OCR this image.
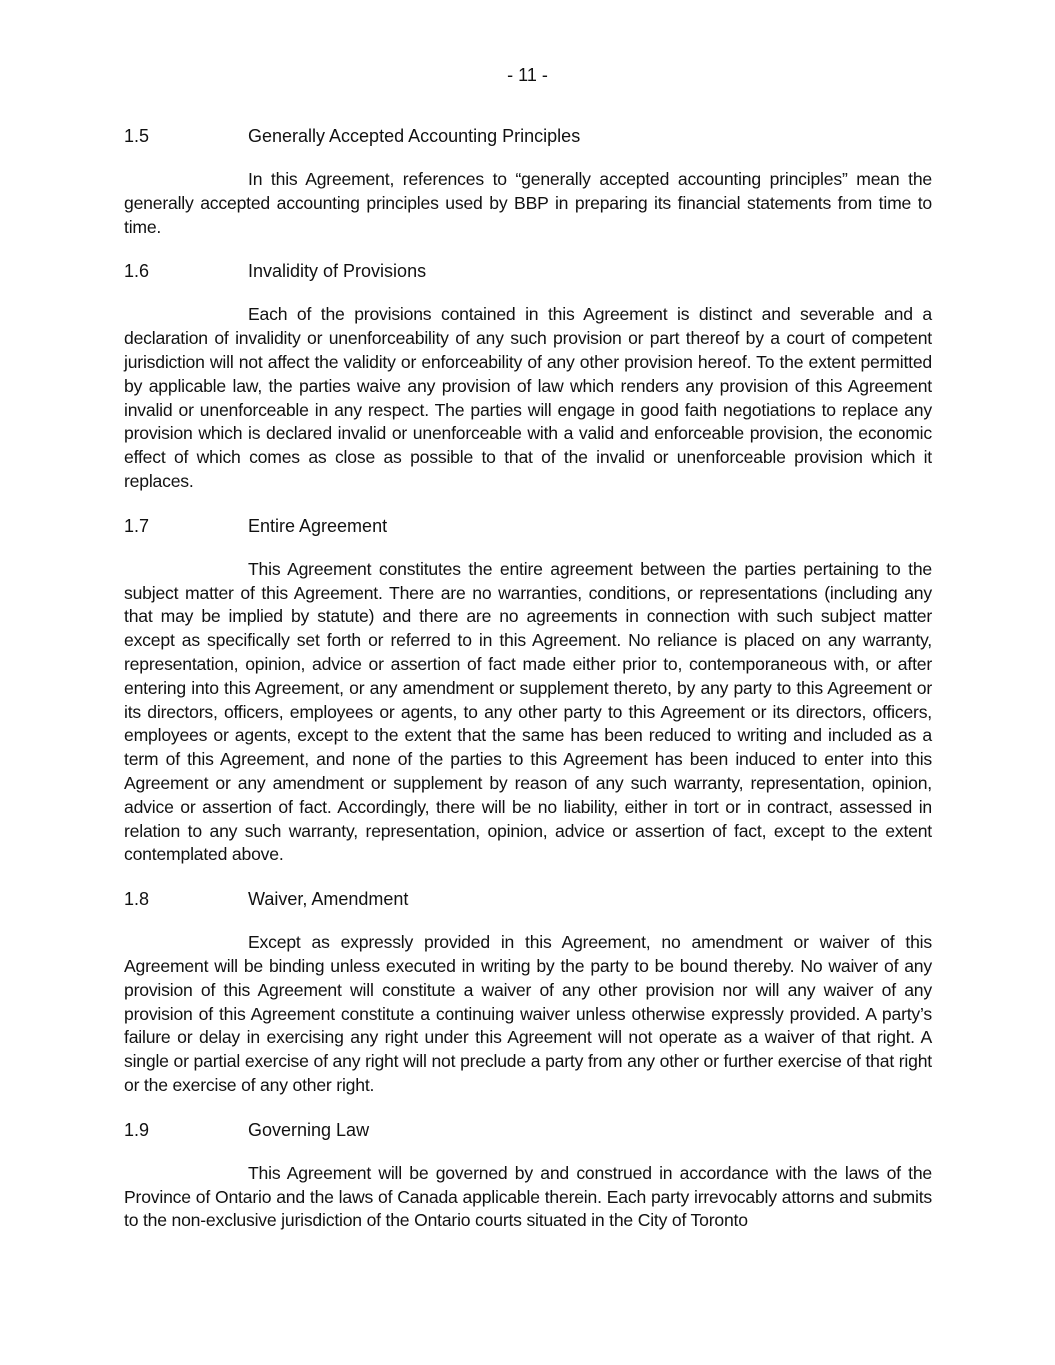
- 11 -
1.5	Generally Accepted Accounting Principles

In this Agreement, references to “generally accepted accounting principles” mean the generally accepted accounting principles used by BBP in preparing its financial statements from time to time.

1.6	Invalidity of Provisions

Each of the provisions contained in this Agreement is distinct and severable and a declaration of invalidity or unenforceability of any such provision or part thereof by a court of competent jurisdiction will not affect the validity or enforceability of any other provision hereof. To the extent permitted by applicable law, the parties waive any provision of law which renders any provision of this Agreement invalid or unenforceable in any respect. The parties will engage in good faith negotiations to replace any provision which is declared invalid or unenforceable with a valid and enforceable provision, the economic effect of which comes as close as possible to that of the invalid or unenforceable provision which it replaces.

1.7	Entire Agreement

This Agreement constitutes the entire agreement between the parties pertaining to the subject matter of this Agreement. There are no warranties, conditions, or representations (including any that may be implied by statute) and there are no agreements in connection with such subject matter except as specifically set forth or referred to in this Agreement. No reliance is placed on any warranty, representation, opinion, advice or assertion of fact made either prior to, contemporaneous with, or after entering into this Agreement, or any amendment or supplement thereto, by any party to this Agreement or its directors, officers, employees or agents, to any other party to this Agreement or its directors, officers, employees or agents, except to the extent that the same has been reduced to writing and included as a term of this Agreement, and none of the parties to this Agreement has been induced to enter into this Agreement or any amendment or supplement by reason of any such warranty, representation, opinion, advice or assertion of fact. Accordingly, there will be no liability, either in tort or in contract, assessed in relation to any such warranty, representation, opinion, advice or assertion of fact, except to the extent contemplated above.

1.8	Waiver, Amendment

Except as expressly provided in this Agreement, no amendment or waiver of this Agreement will be binding unless executed in writing by the party to be bound thereby. No waiver of any provision of this Agreement will constitute a waiver of any other provision nor will any waiver of any provision of this Agreement constitute a continuing waiver unless otherwise expressly provided. A party’s failure or delay in exercising any right under this Agreement will not operate as a waiver of that right. A single or partial exercise of any right will not preclude a party from any other or further exercise of that right or the exercise of any other right.

1.9	Governing Law

This Agreement will be governed by and construed in accordance with the laws of the Province of Ontario and the laws of Canada applicable therein. Each party irrevocably attorns and submits to the non-exclusive jurisdiction of the Ontario courts situated in the City of Toronto
